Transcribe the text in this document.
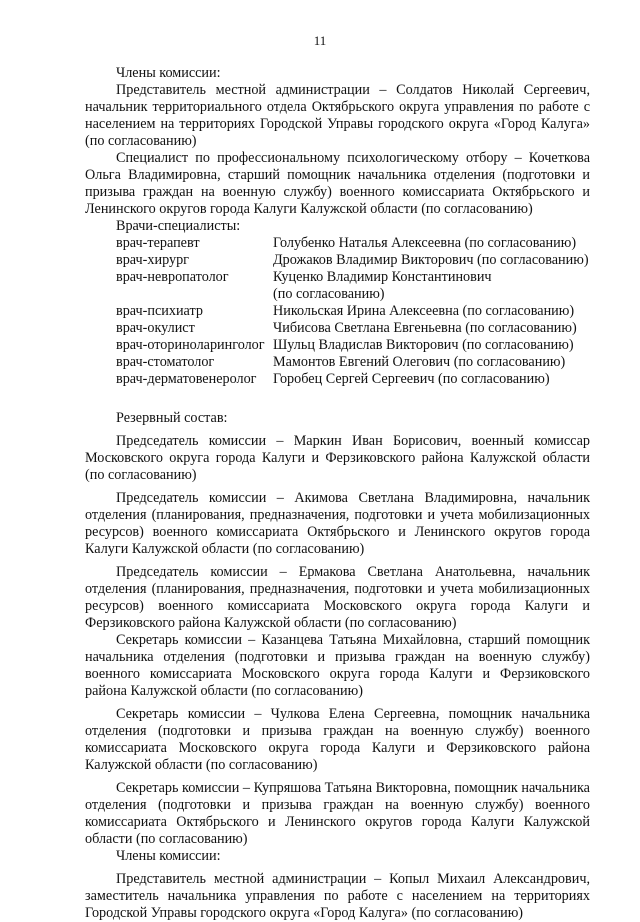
11

Члены комиссии:

Представитель местной администрации – Солдатов Николай Сергеевич, начальник территориального отдела Октябрьского округа управления по работе с населением на территориях Городской Управы городского округа «Город Калуга» (по согласованию)

Специалист по профессиональному психологическому отбору – Кочеткова Ольга Владимировна, старший помощник начальника отделения (подготовки и призыва граждан на военную службу) военного комиссариата Октябрьского и Ленинского округов города Калуги Калужской области (по согласованию)

Врачи-специалисты:

врач-терапевт	Голубенко Наталья Алексеевна (по согласованию)
врач-хирург	Дрожаков Владимир Викторович (по согласованию)
врач-невропатолог	Куценко Владимир Константинович
(по согласованию)
врач-психиатр	Никольская Ирина Алексеевна (по согласованию)
врач-окулист	Чибисова Светлана Евгеньевна (по согласованию)
врач-оториноларинголог Шульц Владислав Викторович (по согласованию)
врач-стоматолог	Мамонтов Евгений Олегович (по согласованию)
врач-дерматовенеролог	Горобец Сергей Сергеевич (по согласованию)

Резервный состав:

Председатель комиссии – Маркин Иван Борисович, военный комиссар Московского округа города Калуги и Ферзиковского района Калужской области (по согласованию)

Председатель комиссии – Акимова Светлана Владимировна, начальник отделения (планирования, предназначения, подготовки и учета мобилизационных ресурсов) военного комиссариата Октябрьского и Ленинского округов города Калуги Калужской области (по согласованию)

Председатель комиссии – Ермакова Светлана Анатольевна, начальник отделения (планирования, предназначения, подготовки и учета мобилизационных ресурсов) военного комиссариата Московского округа города Калуги и Ферзиковского района Калужской области (по согласованию)

Секретарь комиссии – Казанцева Татьяна Михайловна, старший помощник начальника отделения (подготовки и призыва граждан на военную службу) военного комиссариата Московского округа города Калуги и Ферзиковского района Калужской области (по согласованию)

Секретарь комиссии – Чулкова Елена Сергеевна, помощник начальника отделения (подготовки и призыва граждан на военную службу) военного комиссариата Московского округа города Калуги и Ферзиковского района Калужской области (по согласованию)

Секретарь комиссии – Купряшова Татьяна Викторовна, помощник начальника отделения (подготовки и призыва граждан на военную службу) военного комиссариата Октябрьского и Ленинского округов города Калуги Калужской области (по согласованию)

Члены комиссии:

Представитель местной администрации – Копыл Михаил Александрович, заместитель начальника управления по работе с населением на территориях Городской Управы городского округа «Город Калуга» (по согласованию)
